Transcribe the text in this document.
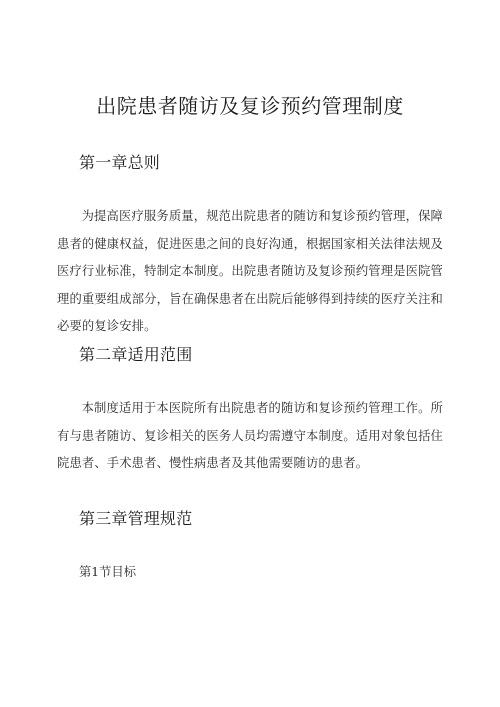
出院患者随访及复诊预约管理制度
第一章总则
为提高医疗服务质量，规范出院患者的随访和复诊预约管理，保障患者的健康权益，促进医患之间的良好沟通，根据国家相关法律法规及医疗行业标准，特制定本制度。出院患者随访及复诊预约管理是医院管理的重要组成部分，旨在确保患者在出院后能够得到持续的医疗关注和必要的复诊安排。
第二章适用范围
本制度适用于本医院所有出院患者的随访和复诊预约管理工作。所有与患者随访、复诊相关的医务人员均需遵守本制度。适用对象包括住院患者、手术患者、慢性病患者及其他需要随访的患者。
第三章管理规范
第1节目标
